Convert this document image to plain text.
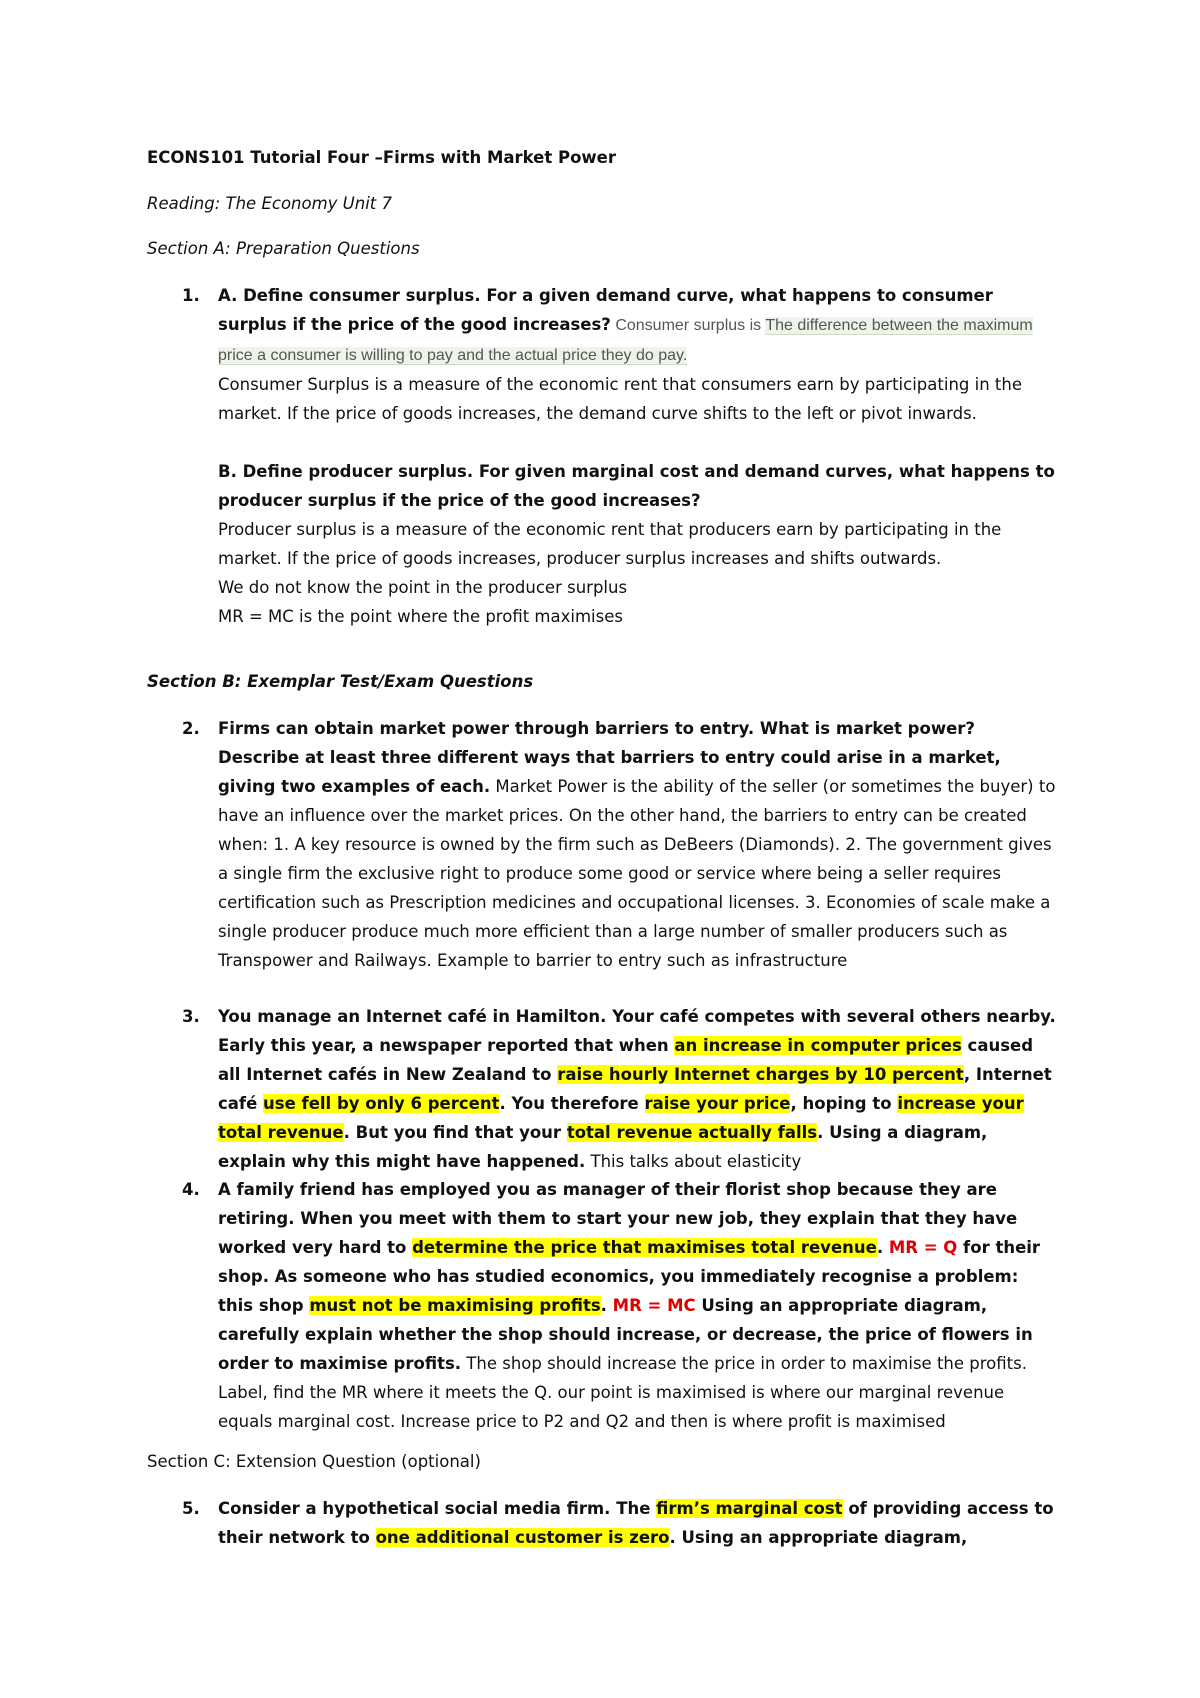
ECONS101 Tutorial Four –Firms with Market Power
Reading: The Economy Unit 7
Section A: Preparation Questions
1. A. Define consumer surplus. For a given demand curve, what happens to consumer surplus if the price of the good increases? Consumer surplus is The difference between the maximum price a consumer is willing to pay and the actual price they do pay.
Consumer Surplus is a measure of the economic rent that consumers earn by participating in the market. If the price of goods increases, the demand curve shifts to the left or pivot inwards.
B. Define producer surplus. For given marginal cost and demand curves, what happens to producer surplus if the price of the good increases?
Producer surplus is a measure of the economic rent that producers earn by participating in the market. If the price of goods increases, producer surplus increases and shifts outwards.
We do not know the point in the producer surplus
MR = MC is the point where the profit maximises
Section B: Exemplar Test/Exam Questions
2. Firms can obtain market power through barriers to entry. What is market power? Describe at least three different ways that barriers to entry could arise in a market, giving two examples of each. Market Power is the ability of the seller (or sometimes the buyer) to have an influence over the market prices. On the other hand, the barriers to entry can be created when: 1. A key resource is owned by the firm such as DeBeers (Diamonds). 2. The government gives a single firm the exclusive right to produce some good or service where being a seller requires certification such as Prescription medicines and occupational licenses. 3. Economies of scale make a single producer produce much more efficient than a large number of smaller producers such as Transpower and Railways. Example to barrier to entry such as infrastructure
3. You manage an Internet café in Hamilton. Your café competes with several others nearby. Early this year, a newspaper reported that when an increase in computer prices caused all Internet cafés in New Zealand to raise hourly Internet charges by 10 percent, Internet café use fell by only 6 percent. You therefore raise your price, hoping to increase your total revenue. But you find that your total revenue actually falls. Using a diagram, explain why this might have happened. This talks about elasticity
4. A family friend has employed you as manager of their florist shop because they are retiring. When you meet with them to start your new job, they explain that they have worked very hard to determine the price that maximises total revenue. MR = Q for their shop. As someone who has studied economics, you immediately recognise a problem: this shop must not be maximising profits. MR = MC Using an appropriate diagram, carefully explain whether the shop should increase, or decrease, the price of flowers in order to maximise profits. The shop should increase the price in order to maximise the profits. Label, find the MR where it meets the Q. our point is maximised is where our marginal revenue equals marginal cost. Increase price to P2 and Q2 and then is where profit is maximised
Section C: Extension Question (optional)
5. Consider a hypothetical social media firm. The firm’s marginal cost of providing access to their network to one additional customer is zero. Using an appropriate diagram,
